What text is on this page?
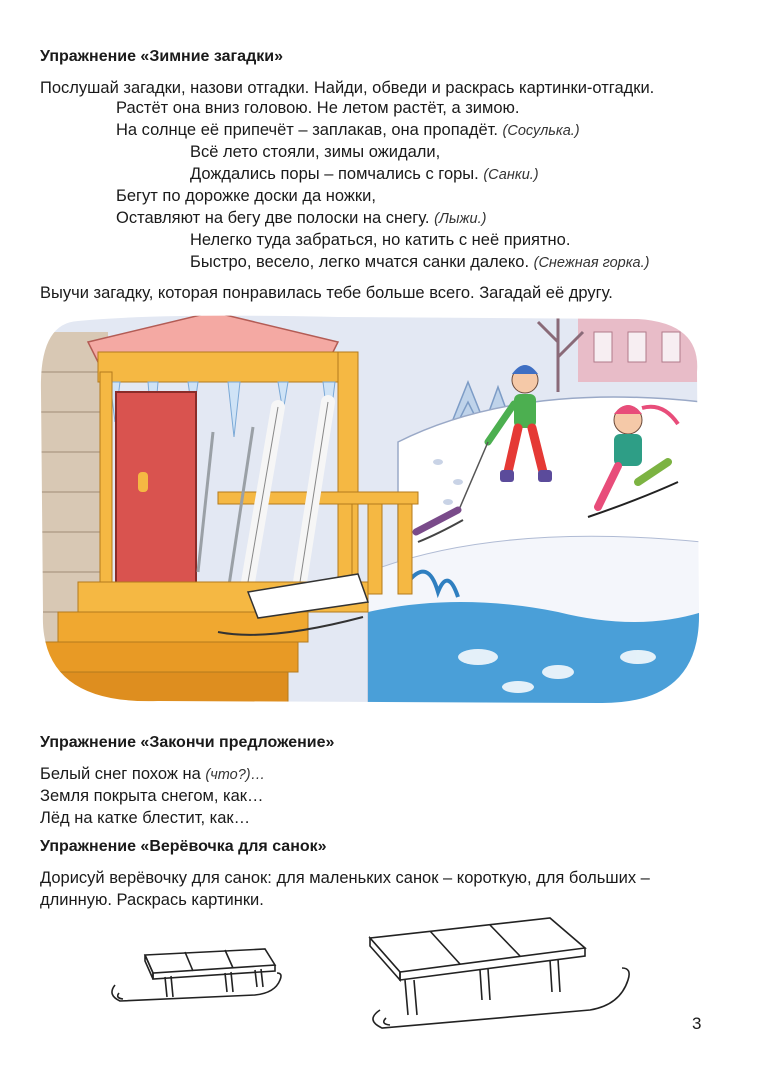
Упражнение «Зимние загадки»
Послушай загадки, назови отгадки. Найди, обведи и раскрась картинки-отгадки.
Растёт она вниз головою. Не летом растёт, а зимою.
На солнце её припечёт – заплакав, она пропадёт. (Сосулька.)
Всё лето стояли, зимы ожидали,
Дождались поры – помчались с горы. (Санки.)
Бегут по дорожке доски да ножки,
Оставляют на бегу две полоски на снегу. (Лыжи.)
Нелегко туда забраться, но катить с неё приятно.
Быстро, весело, легко мчатся санки далеко. (Снежная горка.)
Выучи загадку, которая понравилась тебе больше всего. Загадай её другу.
Упражнение «Закончи предложение»
Белый снег похож на (что?)…
Земля покрыта снегом, как…
Лёд на катке блестит, как…
Упражнение «Верёвочка для санок»
Дорисуй верёвочку для санок: для маленьких санок – короткую, для больших –
длинную. Раскрась картинки.
3
